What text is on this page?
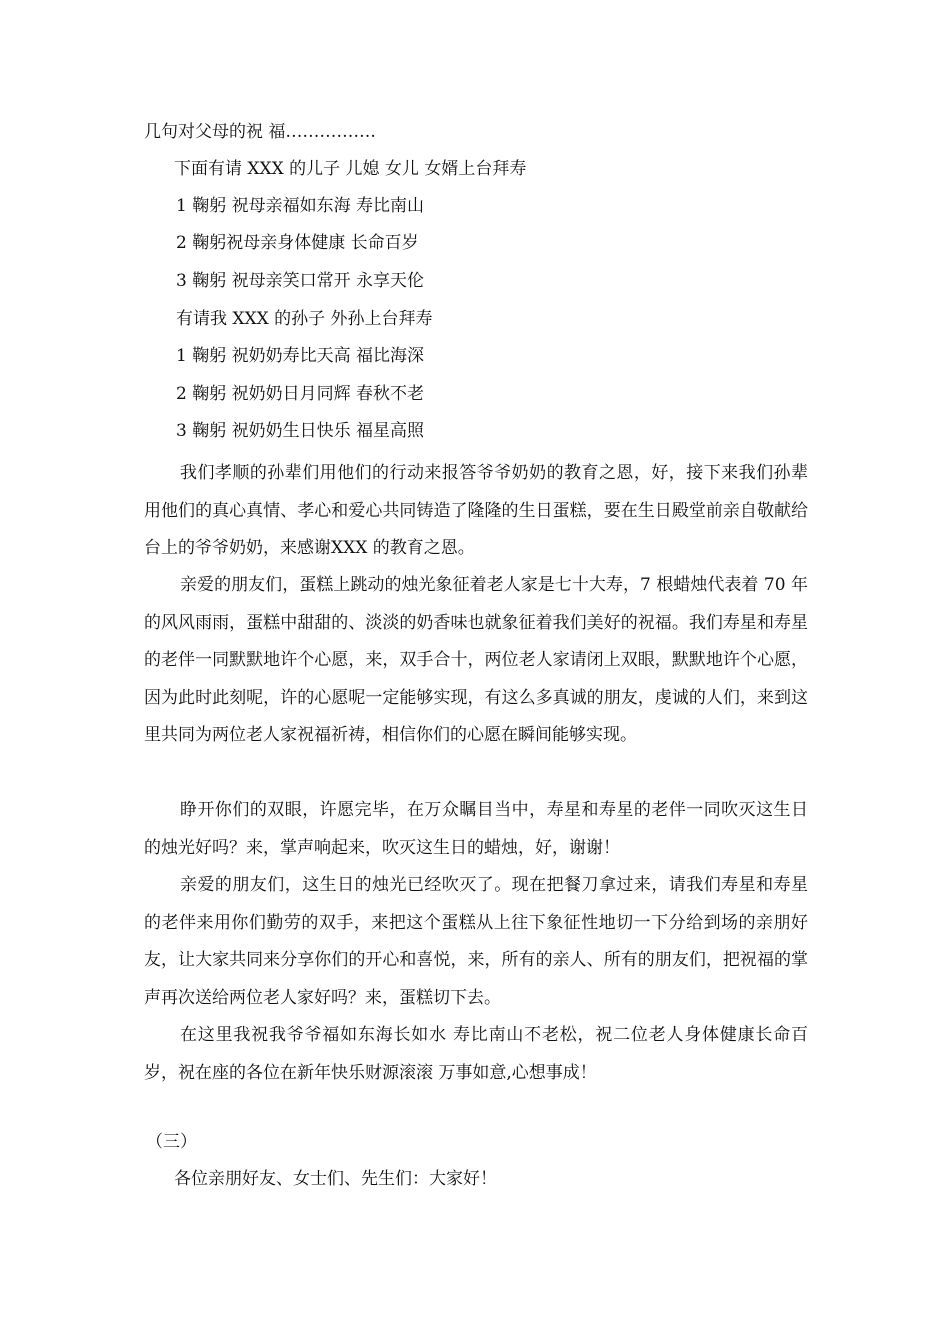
几句对父母的祝 福…………….
下面有请 XXX 的儿子 儿媳 女儿 女婿上台拜寿
1 鞠躬 祝母亲福如东海 寿比南山
2 鞠躬祝母亲身体健康 长命百岁
3 鞠躬 祝母亲笑口常开 永享天伦
有请我 XXX 的孙子 外孙上台拜寿
1 鞠躬 祝奶奶寿比天高 福比海深
2 鞠躬 祝奶奶日月同辉 春秋不老
3 鞠躬 祝奶奶生日快乐 福星高照

我们孝顺的孙辈们用他们的行动来报答爷爷奶奶的教育之恩，好，接下来我们孙辈用他们的真心真情、孝心和爱心共同铸造了隆隆的生日蛋糕，要在生日殿堂前亲自敬献给台上的爷爷奶奶，来感谢XXX 的教育之恩。

亲爱的朋友们，蛋糕上跳动的烛光象征着老人家是七十大寿，7 根蜡烛代表着 70 年的风风雨雨，蛋糕中甜甜的、淡淡的奶香味也就象征着我们美好的祝福。我们寿星和寿星的老伴一同默默地许个心愿，来，双手合十，两位老人家请闭上双眼，默默地许个心愿，因为此时此刻呢，许的心愿呢一定能够实现，有这么多真诚的朋友，虔诚的人们，来到这里共同为两位老人家祝福祈祷，相信你们的心愿在瞬间能够实现。

睁开你们的双眼，许愿完毕，在万众瞩目当中，寿星和寿星的老伴一同吹灭这生日的烛光好吗？来，掌声响起来，吹灭这生日的蜡烛，好，谢谢！

亲爱的朋友们，这生日的烛光已经吹灭了。现在把餐刀拿过来，请我们寿星和寿星的老伴来用你们勤劳的双手，来把这个蛋糕从上往下象征性地切一下分给到场的亲朋好友，让大家共同来分享你们的开心和喜悦，来，所有的亲人、所有的朋友们，把祝福的掌声再次送给两位老人家好吗？来，蛋糕切下去。

在这里我祝我爷爷福如东海长如水 寿比南山不老松，祝二位老人身体健康长命百岁，祝在座的各位在新年快乐财源滚滚 万事如意,心想事成！

（三）
各位亲朋好友、女士们、先生们：大家好！
